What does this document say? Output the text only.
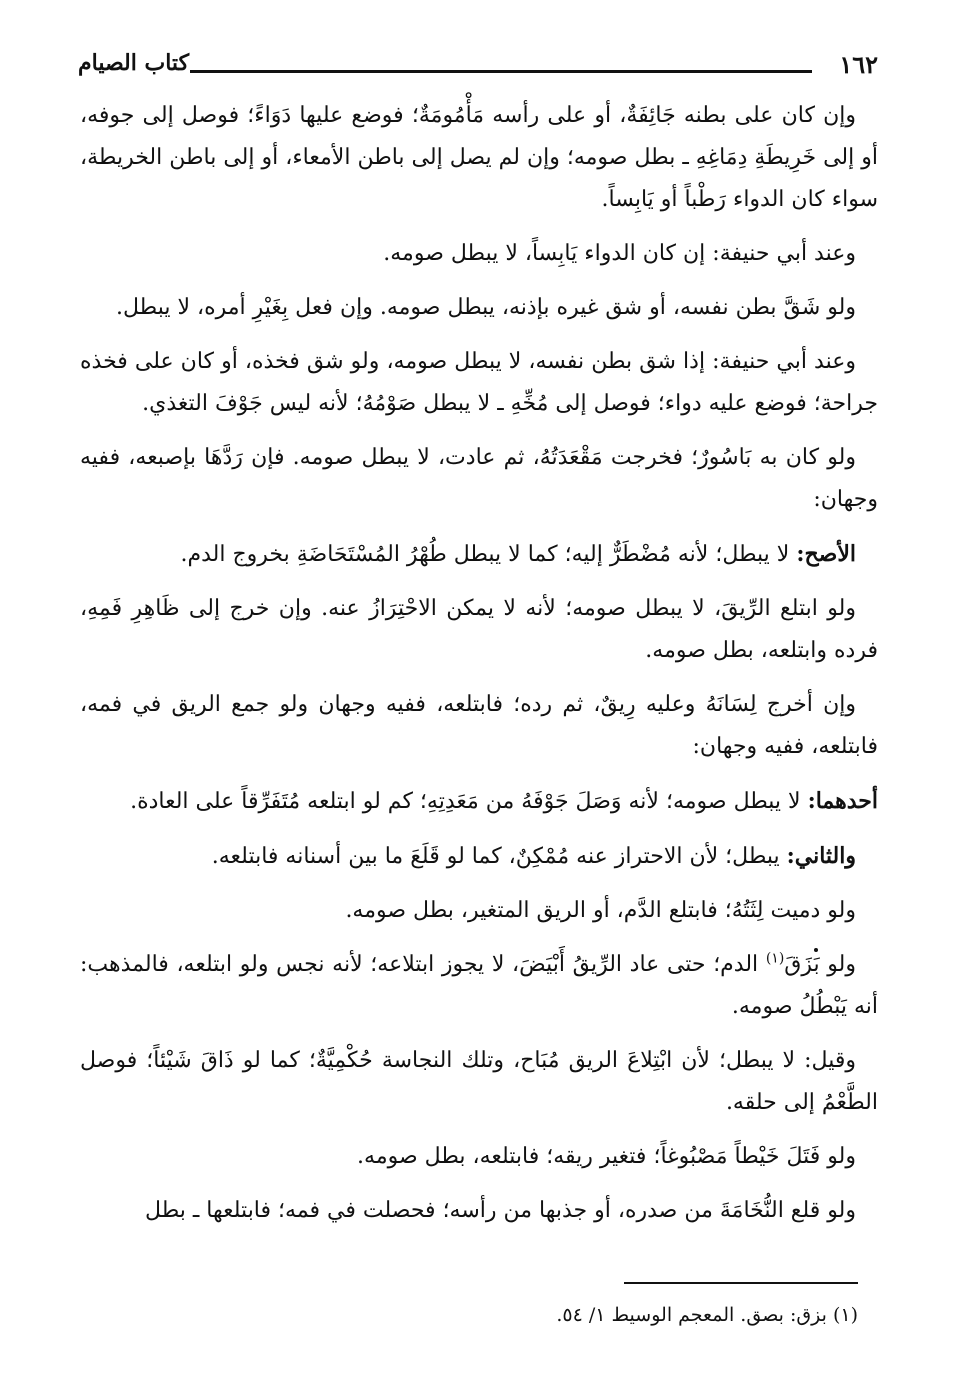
١٦٢
كتاب الصيام

وإن كان على بطنه جَائِفَةٌ، أو على رأسه مَأْمُومَةٌ؛ فوضع عليها دَوَاءً؛ فوصل إلى جوفه، أو إلى خَرِيطَةِ دِمَاغِهِ ـ بطل صومه؛ وإن لم يصل إلى باطن الأمعاء، أو إلى باطن الخريطة، سواء كان الدواء رَطْباً أو يَابِساً.

وعند أبي حنيفة: إن كان الدواء يَابِساً، لا يبطل صومه.

ولو شَقَّ بطن نفسه، أو شق غيره بإذنه، يبطل صومه. وإن فعل بِغَيْرِ أمره، لا يبطل.

وعند أبي حنيفة: إذا شق بطن نفسه، لا يبطل صومه، ولو شق فخذه، أو كان على فخذه جراحة؛ فوضع عليه دواء؛ فوصل إلى مُخِّهِ ـ لا يبطل صَوْمُهُ؛ لأنه ليس جَوْفَ التغذي.

ولو كان به بَاسُورٌ؛ فخرجت مَقْعَدَتُهُ، ثم عادت، لا يبطل صومه. فإن رَدَّهَا بإصبعه، ففيه وجهان:

الأصح: لا يبطل؛ لأنه مُضْطَرٌّ إليه؛ كما لا يبطل طُهْرُ المُسْتَحَاضَةِ بخروج الدم.

ولو ابتلع الرِّيقَ، لا يبطل صومه؛ لأنه لا يمكن الاحْتِرَازُ عنه. وإن خرج إلى ظَاهِرِ فَمِهِ، فرده وابتلعه، بطل صومه.

وإن أخرج لِسَانَهُ وعليه رِيقٌ، ثم رده؛ فابتلعه، ففيه وجهان ولو جمع الريق في فمه، فابتلعه، ففيه وجهان:

أحدهما: لا يبطل صومه؛ لأنه وَصَلَ جَوْفَهُ من مَعَدِتِهِ؛ كم لو ابتلعه مُتَفَرِّقاً على العادة.

والثاني: يبطل؛ لأن الاحتراز عنه مُمْكِنٌ، كما لو قَلَعَ ما بين أسنانه فابتلعه.

ولو دميت لِثَتُهُ؛ فابتلع الدَّم، أو الريق المتغير، بطل صومه.

ولو بَزَقَ$^{(١)}$ الدم؛ حتى عاد الرِّيقُ أَبْيَضَ، لا يجوز ابتلاعه؛ لأنه نجس ولو ابتلعه، فالمذهب: أنه يَبْطُلُ صومه.

وقيل: لا يبطل؛ لأن ابْتِلاعَ الريق مُبَاح، وتلك النجاسة حُكْمِيَّةٌ؛ كما لو ذَاقَ شَيْئاً؛ فوصل الطَّعْمُ إلى حلقه.

ولو فَتَلَ خَيْطاً مَصْبُوغاً؛ فتغير ريقه؛ فابتلعه، بطل صومه.

ولو قلع النُّخَامَةَ من صدره، أو جذبها من رأسه؛ فحصلت في فمه؛ فابتلعها ـ بطل

(١) بزق: بصق. المعجم الوسيط ١/ ٥٤.
